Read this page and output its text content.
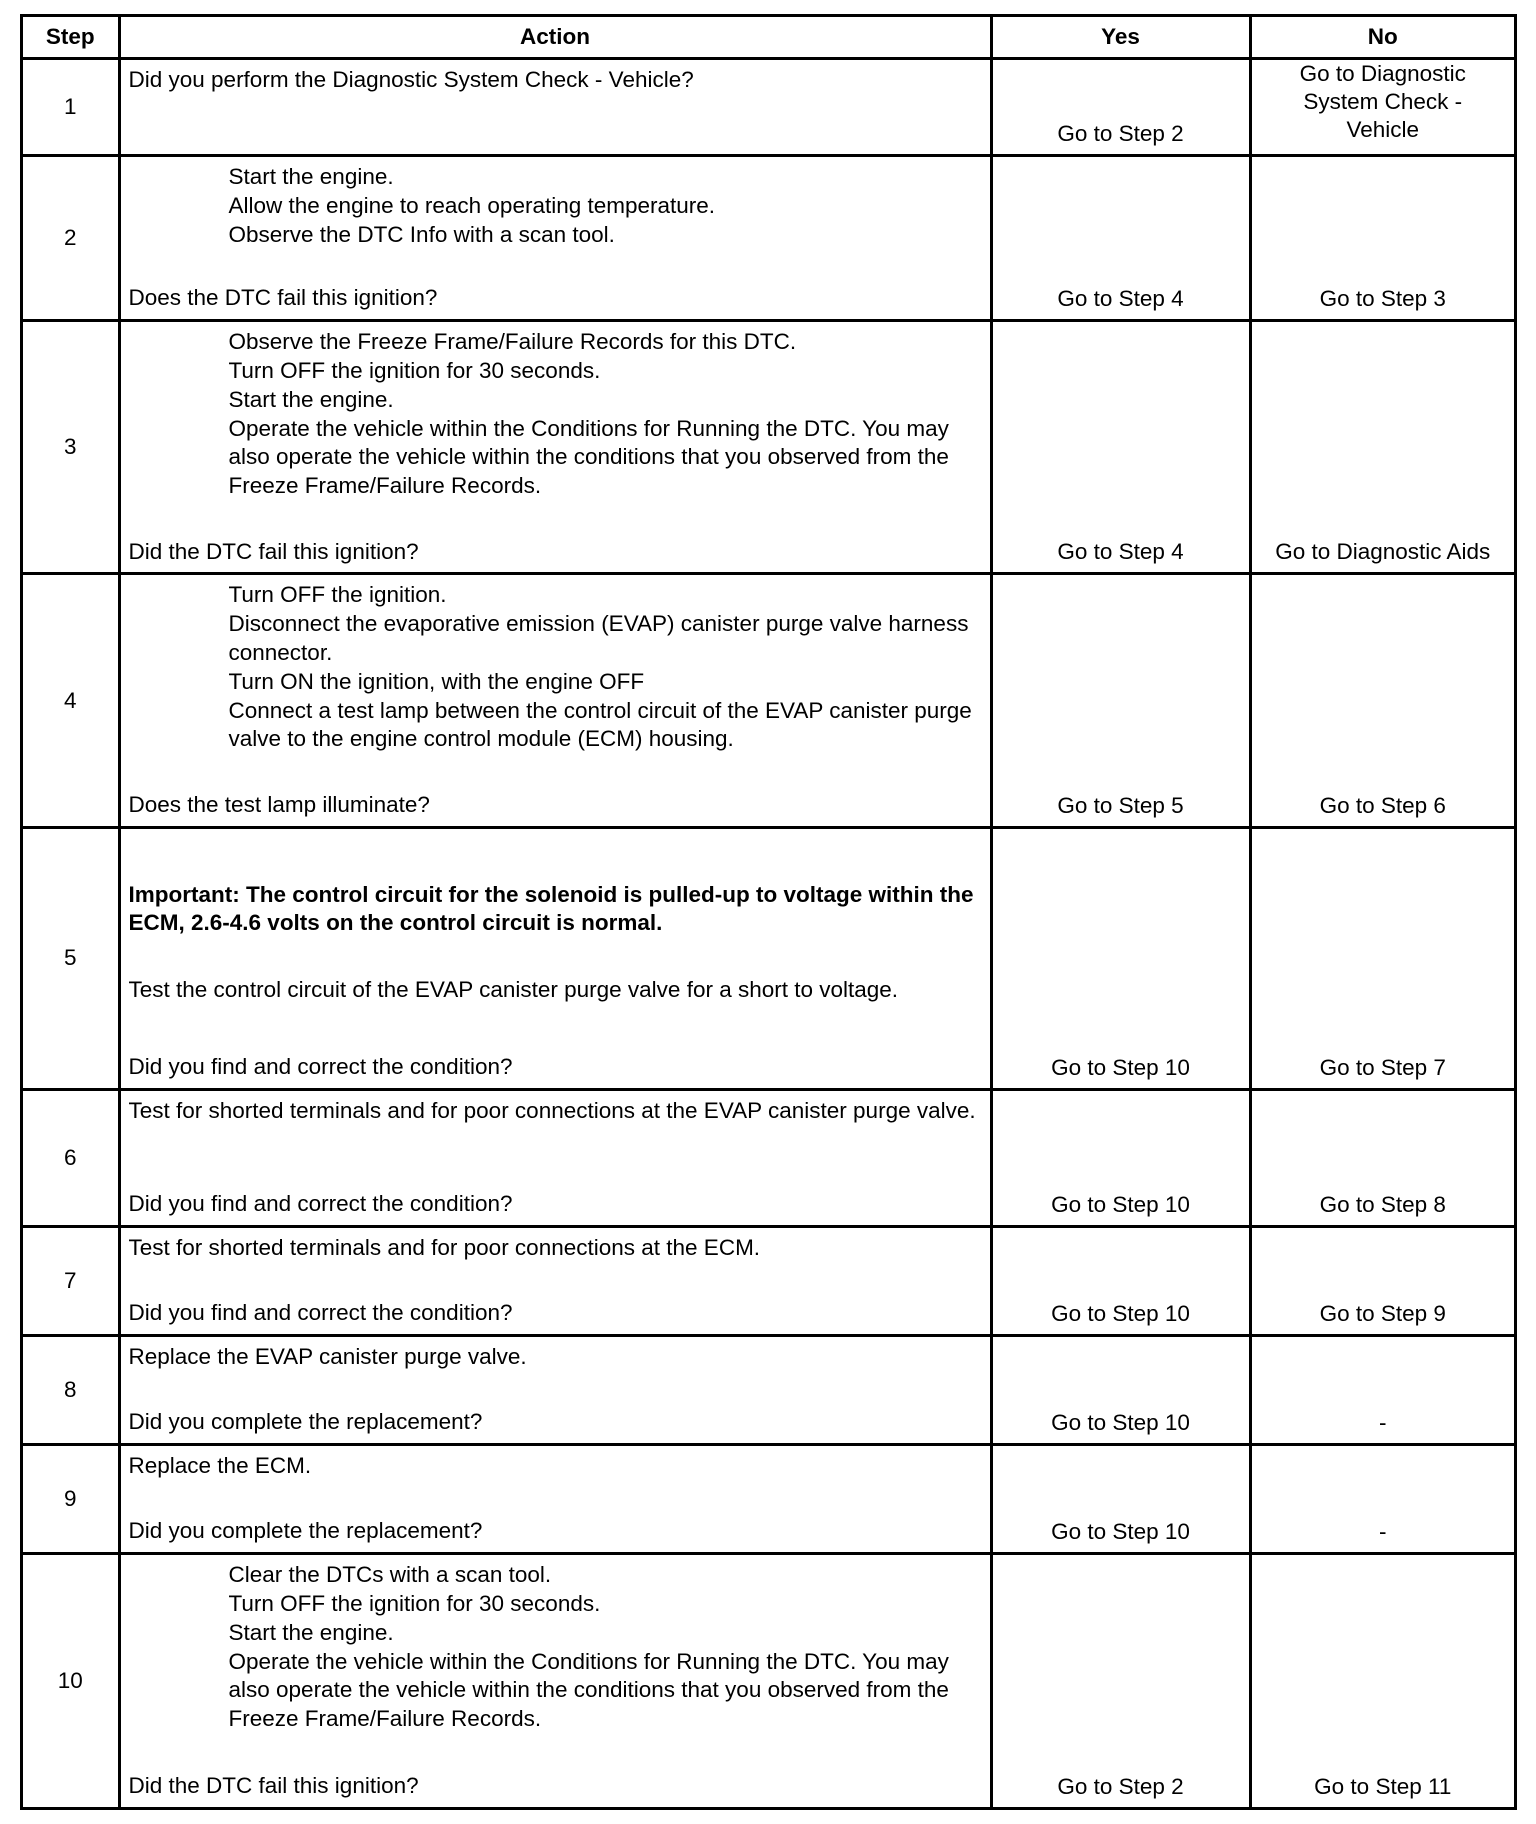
Step	Action	Yes	No
1	Did you perform the Diagnostic System Check - Vehicle?	Go to Step 2	Go to Diagnostic System Check - Vehicle

2	Start the engine.
Allow the engine to reach operating temperature.
Observe the DTC Info with a scan tool.
Does the DTC fail this ignition?	Go to Step 4	Go to Step 3

3	Observe the Freeze Frame/Failure Records for this DTC.
Turn OFF the ignition for 30 seconds.
Start the engine.
Operate the vehicle within the Conditions for Running the DTC. You may also operate the vehicle within the conditions that you observed from the Freeze Frame/Failure Records.
Did the DTC fail this ignition?	Go to Step 4	Go to Diagnostic Aids

4	Turn OFF the ignition.
Disconnect the evaporative emission (EVAP) canister purge valve harness connector.
Turn ON the ignition, with the engine OFF
Connect a test lamp between the control circuit of the EVAP canister purge valve to the engine control module (ECM) housing.
Does the test lamp illuminate?	Go to Step 5	Go to Step 6

5	Important: The control circuit for the solenoid is pulled-up to voltage within the ECM, 2.6-4.6 volts on the control circuit is normal.
Test the control circuit of the EVAP canister purge valve for a short to voltage.
Did you find and correct the condition?	Go to Step 10	Go to Step 7

6	Test for shorted terminals and for poor connections at the EVAP canister purge valve.
Did you find and correct the condition?	Go to Step 10	Go to Step 8

7	Test for shorted terminals and for poor connections at the ECM.
Did you find and correct the condition?	Go to Step 10	Go to Step 9

8	Replace the EVAP canister purge valve.
Did you complete the replacement?	Go to Step 10	-

9	Replace the ECM.
Did you complete the replacement?	Go to Step 10	-

10	Clear the DTCs with a scan tool.
Turn OFF the ignition for 30 seconds.
Start the engine.
Operate the vehicle within the Conditions for Running the DTC. You may also operate the vehicle within the conditions that you observed from the Freeze Frame/Failure Records.
Did the DTC fail this ignition?	Go to Step 2	Go to Step 11
